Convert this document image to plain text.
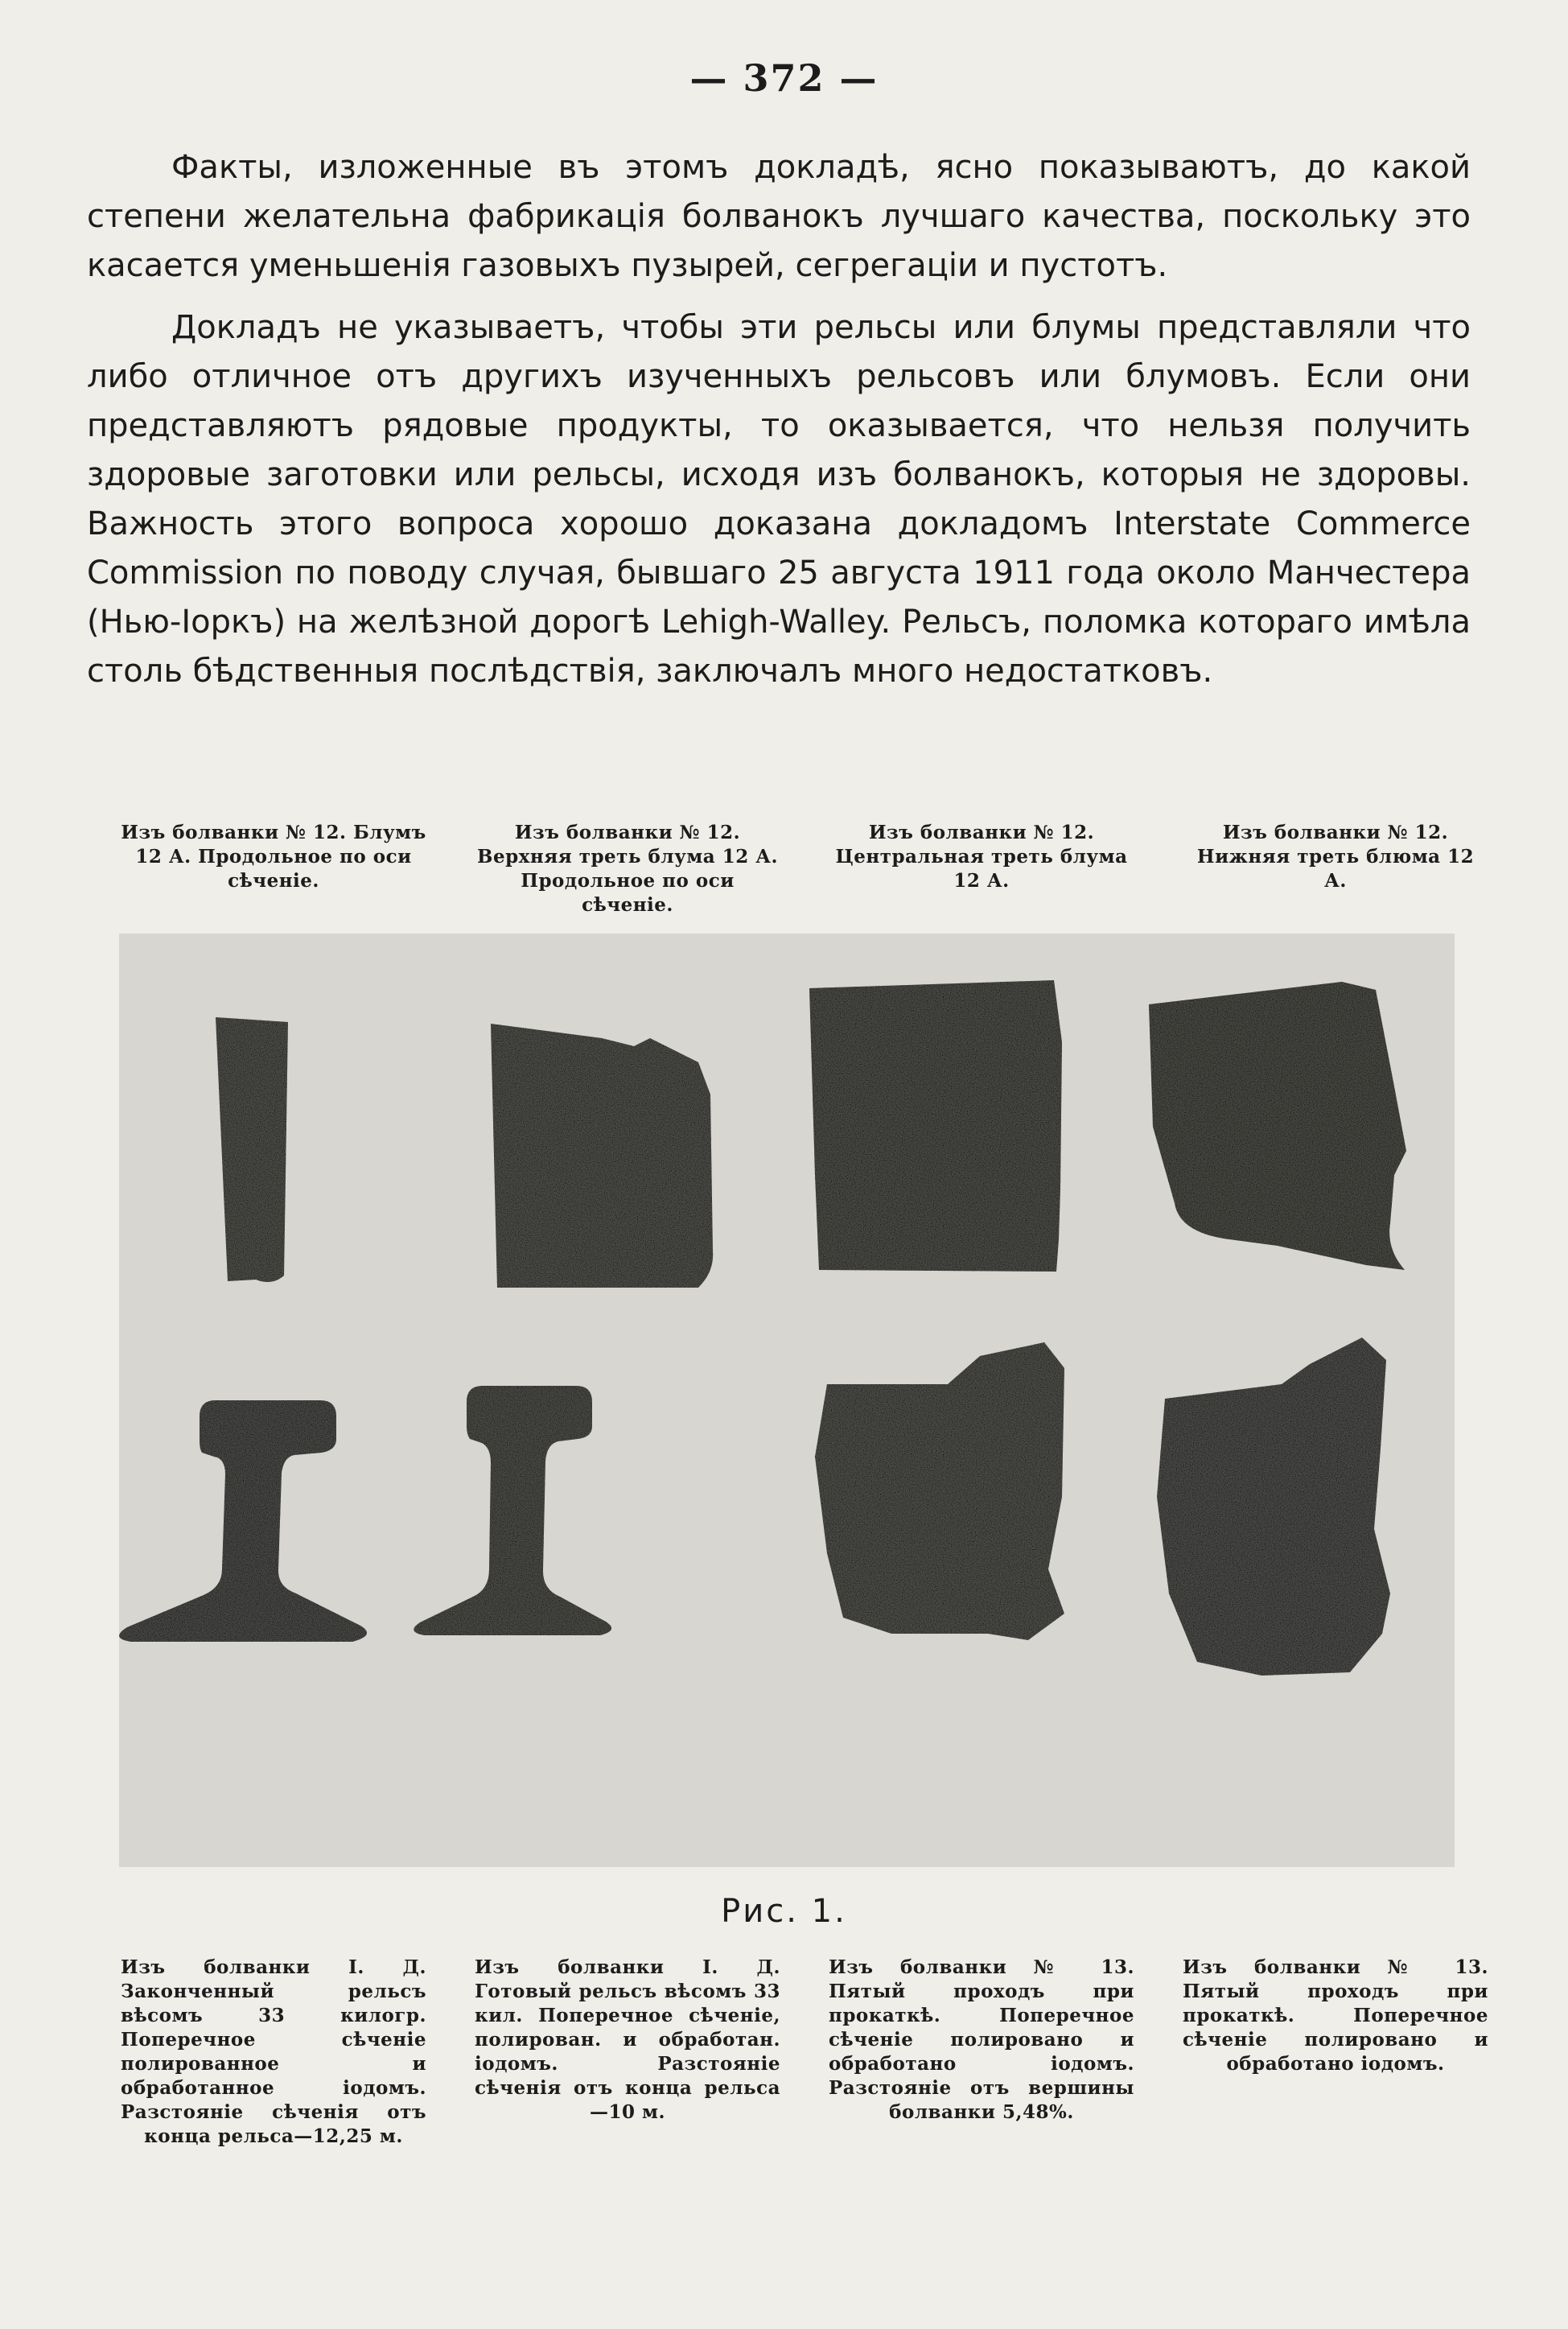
— 372 —

Факты, изложенные въ этомъ докладѣ, ясно показываютъ, до какой степени желательна фабрикація болванокъ лучшаго качества, поскольку это касается уменьшенія газовыхъ пузырей, сегрегаціи и пустотъ.

Докладъ не указываетъ, чтобы эти рельсы или блумы представляли что либо отличное отъ другихъ изученныхъ рельсовъ или блумовъ. Если они представляютъ рядовые продукты, то оказывается, что нельзя получить здоровые заготовки или рельсы, исходя изъ болванокъ, которыя не здоровы. Важность этого вопроса хорошо доказана докладомъ Interstate Commerce Commission по поводу случая, бывшаго 25 августа 1911 года около Манчестера (Нью-Іоркъ) на желѣзной дорогѣ Lehigh-Walley. Рельсъ, поломка котораго имѣла столь бѣдственныя послѣдствія, заключалъ много недостатковъ.

Изъ болванки № 12. Блумъ 12 А. Продольное по оси сѣченіе.
Изъ болванки № 12. Верхняя треть блума 12 А. Продольное по оси сѣченіе.
Изъ болванки № 12. Центральная треть блума 12 А.
Изъ болванки № 12. Нижняя треть блюма 12 А.
Рис. 1.
Изъ болванки І. Д. Законченный рельсъ вѣсомъ 33 килогр. Поперечное сѣченіе полированное и обработанное іодомъ. Разстояніе сѣченія отъ конца рельса—12,25 м.
Изъ болванки І. Д. Готовый рельсъ вѣсомъ 33 кил. Поперечное сѣченіе, полирован. и обработан. іодомъ. Разстояніе сѣченія отъ конца рельса—10 м.
Изъ болванки № 13. Пятый проходъ при прокаткѣ. Поперечное сѣченіе полировано и обработано іодомъ. Разстояніе отъ вершины болванки 5,48%.
Изъ болванки № 13. Пятый проходъ при прокаткѣ. Поперечное сѣченіе полировано и обработано іодомъ.
